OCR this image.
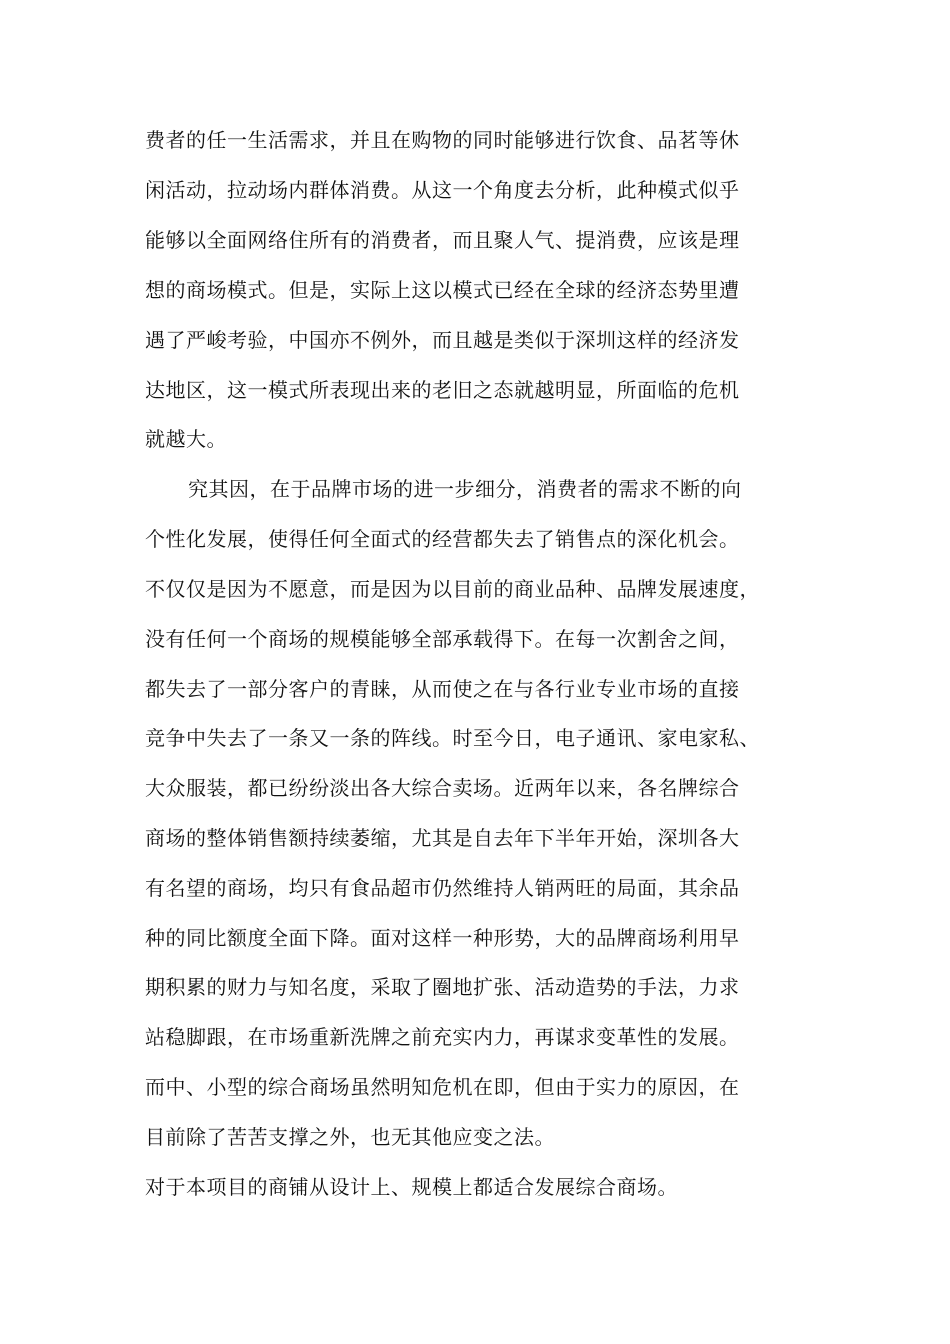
费者的任一生活需求，并且在购物的同时能够进行饮食、品茗等休
闲活动，拉动场内群体消费。从这一个角度去分析，此种模式似乎
能够以全面网络住所有的消费者，而且聚人气、提消费，应该是理
想的商场模式。但是，实际上这以模式已经在全球的经济态势里遭
遇了严峻考验，中国亦不例外，而且越是类似于深圳这样的经济发
达地区，这一模式所表现出来的老旧之态就越明显，所面临的危机
就越大。
究其因，在于品牌市场的进一步细分，消费者的需求不断的向
个性化发展，使得任何全面式的经营都失去了销售点的深化机会。
不仅仅是因为不愿意，而是因为以目前的商业品种、品牌发展速度，
没有任何一个商场的规模能够全部承载得下。在每一次割舍之间，
都失去了一部分客户的青睐，从而使之在与各行业专业市场的直接
竞争中失去了一条又一条的阵线。时至今日，电子通讯、家电家私、
大众服装，都已纷纷淡出各大综合卖场。近两年以来，各名牌综合
商场的整体销售额持续萎缩，尤其是自去年下半年开始，深圳各大
有名望的商场，均只有食品超市仍然维持人销两旺的局面，其余品
种的同比额度全面下降。面对这样一种形势，大的品牌商场利用早
期积累的财力与知名度，采取了圈地扩张、活动造势的手法，力求
站稳脚跟，在市场重新洗牌之前充实内力，再谋求变革性的发展。
而中、小型的综合商场虽然明知危机在即，但由于实力的原因，在
目前除了苦苦支撑之外，也无其他应变之法。
对于本项目的商铺从设计上、规模上都适合发展综合商场。
